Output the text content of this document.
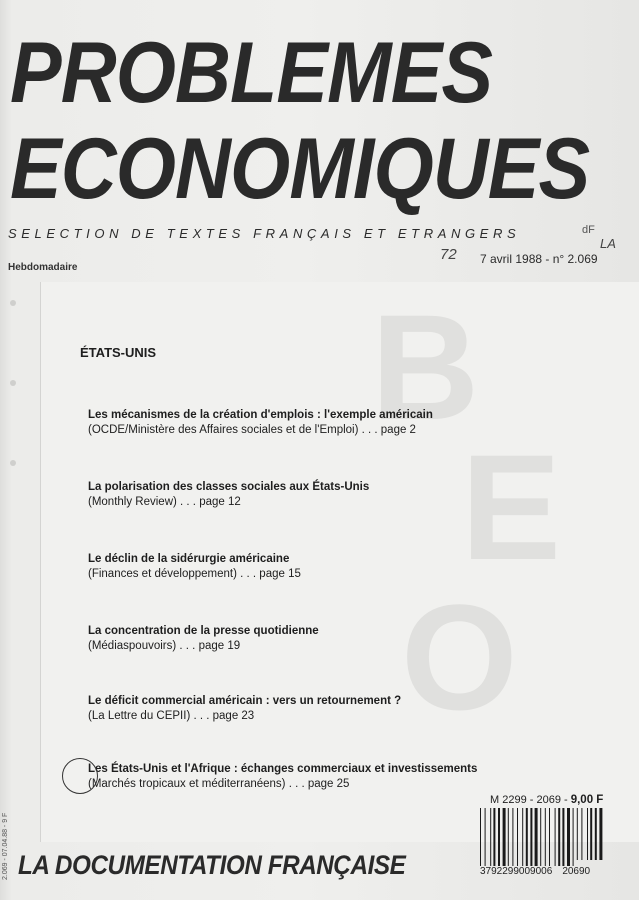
PROBLEMES
ECONOMIQUES
SELECTION DE TEXTES FRANÇAIS ET ETRANGERS
Hebdomadaire
dF
LA
72 7 avril 1988 - n° 2.069
B
E
O
ÉTATS-UNIS
Les mécanismes de la création d'emplois : l'exemple américain
(OCDE/Ministère des Affaires sociales et de l'Emploi) . . . page 2
La polarisation des classes sociales aux États-Unis
(Monthly Review) . . . page 12
Le déclin de la sidérurgie américaine
(Finances et développement) . . . page 15
La concentration de la presse quotidienne
(Médiaspouvoirs) . . . page 19
Le déficit commercial américain : vers un retournement ?
(La Lettre du CEPII) . . . page 23
Les États-Unis et l'Afrique : échanges commerciaux et investissements
(Marchés tropicaux et méditerranéens) . . . page 25
M 2299 - 2069 - 9,00 F
3792299009006 20690
LA DOCUMENTATION FRANÇAISE
2.069 - 07.04.88 - 9 F
